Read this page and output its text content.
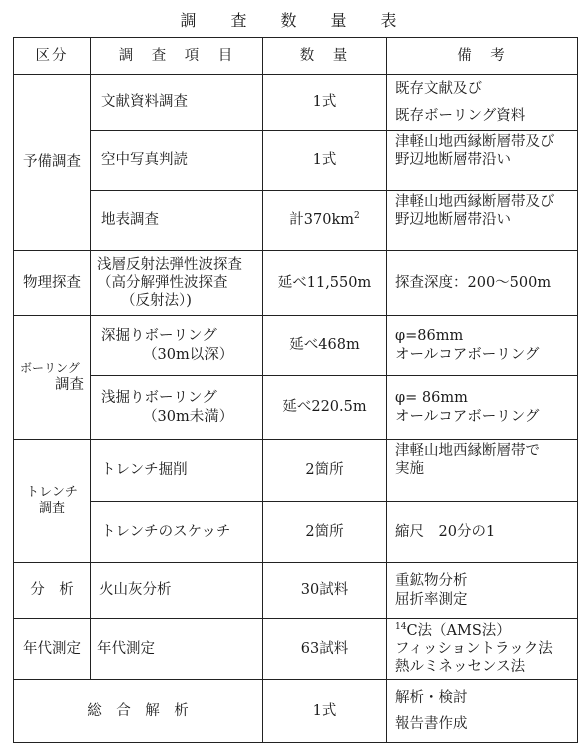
調　査　数　量　表
区分	調　査　項　目	数　量	備　考
予備調査	文献資料調査	1式	既存文献及び
既存ボーリング資料

	空中写真判読	1式	津軽山地西縁断層帯及び
野辺地断層帯沿い

	地表調査	計$370km^2$	津軽山地西縁断層帯及び
野辺地断層帯沿い

物理探査	浅層反射法弾性波探査
（高分解弾性波探査
（反射法）)	延べ11,550m	探査深度：200〜500m

ボーリング
調査	深掘りボーリング
（30m以深）	延べ468m	φ=86mm
オールコアボーリング

	浅掘りボーリング
（30m未満）	延べ220.5m	φ= 86mm
オールコアボーリング

トレンチ調査	トレンチ掘削	2箇所	津軽山地西縁断層帯で
実施

	トレンチのスケッチ	2箇所	縮尺　20分の1
分　析	火山灰分析	30試料	重鉱物分析
屈折率測定

年代測定	年代測定	63試料	$^{14}$C法（AMS法）
フィッショントラック法
熱ルミネッセンス法

総　合　解　析		1式	解析・検討
報告書作成
